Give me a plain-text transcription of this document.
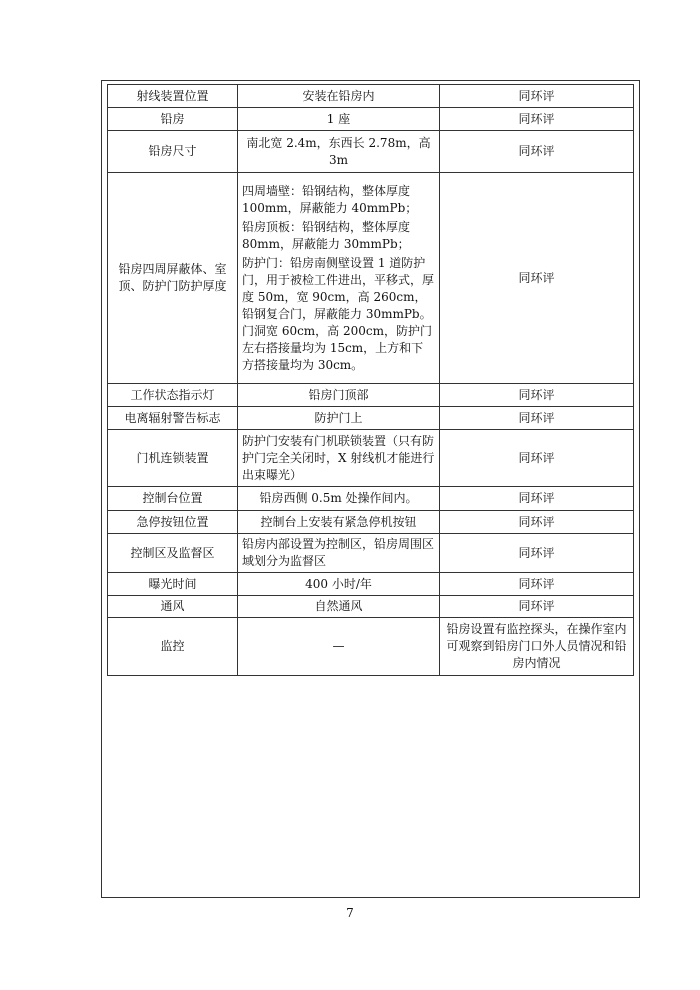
射线装置位置	安装在铅房内	同环评
铅房	1 座	同环评
铅房尺寸	南北宽 2.4m，东西长 2.78m，高 3m	同环评
铅房四周屏蔽体、室顶、防护门防护厚度	四周墙壁：铅钢结构，整体厚度 100mm，屏蔽能力 40mmPb；

铅房顶板：铅钢结构，整体厚度 80mm，屏蔽能力 30mmPb；

防护门：铅房南侧壁设置 1 道防护门，用于被检工件进出，平移式，厚度 50m，宽 90cm，高 260cm，铅钢复合门，屏蔽能力 30mmPb。门洞宽 60cm，高 200cm，防护门左右搭接量均为 15cm，上方和下方搭接量均为 30cm。	同环评
工作状态指示灯	铅房门顶部	同环评
电离辐射警告标志	防护门上	同环评
门机连锁装置	防护门安装有门机联锁装置（只有防护门完全关闭时，X 射线机才能进行出束曝光）	同环评
控制台位置	铅房西侧 0.5m 处操作间内。	同环评
急停按钮位置	控制台上安装有紧急停机按钮	同环评
控制区及监督区	铅房内部设置为控制区，铅房周围区域划分为监督区	同环评
曝光时间	400 小时/年	同环评
通风	自然通风	同环评
监控	—	铅房设置有监控探头，在操作室内可观察到铅房门口外人员情况和铅房内情况
7
